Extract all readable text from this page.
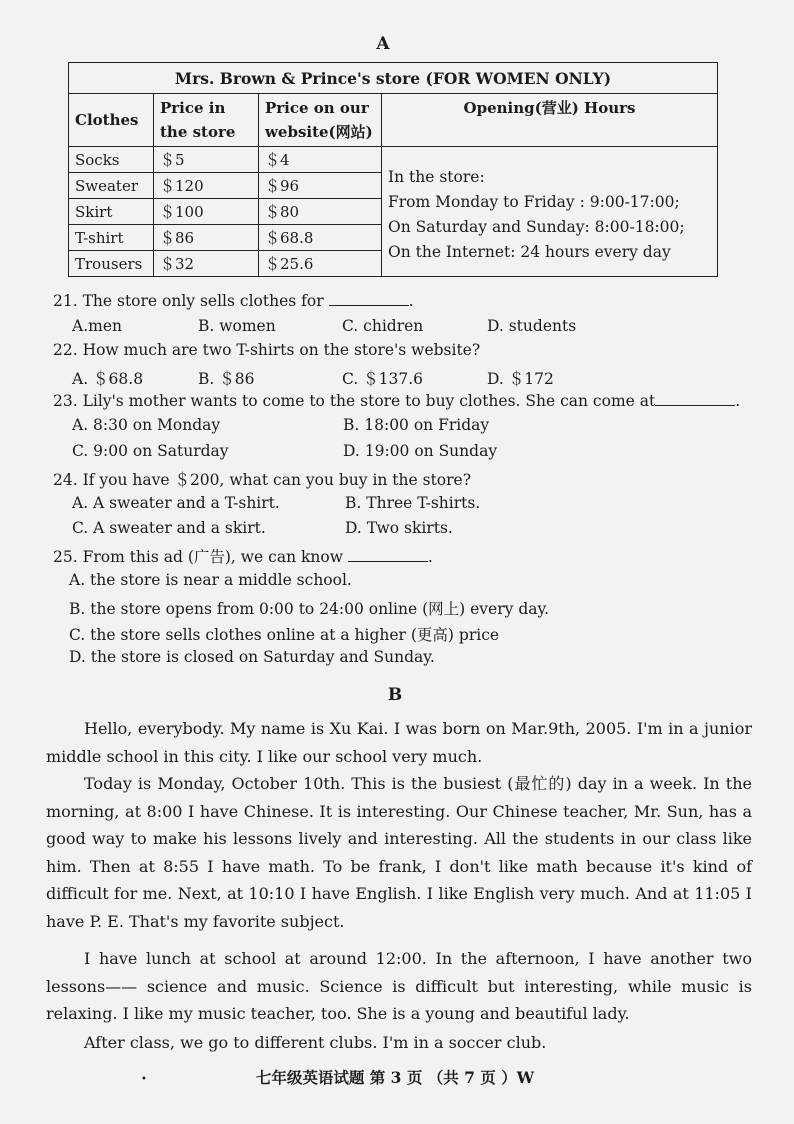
A
Mrs. Brown & Prince's store (FOR WOMEN ONLY)			
Clothes	Price in the store	Price on our website(网站)	Opening(营业) Hours
Socks	＄5	＄4	In the store:
From Monday to Friday : 9:00-17:00;
On Saturday and Sunday: 8:00-18:00;
On the Internet: 24 hours every day

Sweater	＄120	＄96	
Skirt	＄100	＄80	
T-shirt	＄86	＄68.8	
Trousers	＄32	＄25.6	
21. The store only sells clothes for	.
A.men	B. women	C. chidren	D. students
22. How much are two T-shirts on the store's website?
A. ＄68.8	B. ＄86	C. ＄137.6	D. ＄172
23. Lily's mother wants to come to the store to buy clothes. She can come at	.
A. 8:30 on Monday	B. 18:00 on Friday
C. 9:00 on Saturday	D. 19:00 on Sunday
24. If you have ＄200, what can you buy in the store?
A. A sweater and a T-shirt.	B. Three T-shirts.
C. A sweater and a skirt.	D. Two skirts.
25. From this ad (广告), we can know	.
A. the store is near a middle school.
B. the store opens from 0:00 to 24:00 online (网上) every day.
C. the store sells clothes online at a higher (更高) price
D. the store is closed on Saturday and Sunday.
B
Hello, everybody. My name is Xu Kai. I was born on Mar.9th, 2005. I'm in a junior middle school in this city. I like our school very much.
Today is Monday, October 10th. This is the busiest (最忙的) day in a week. In the morning, at 8:00 I have Chinese. It is interesting. Our Chinese teacher, Mr. Sun, has a good way to make his lessons lively and interesting. All the students in our class like him. Then at 8:55 I have math. To be frank, I don't like math because it's kind of difficult for me. Next, at 10:10 I have English. I like English very much. And at 11:05 I have P. E. That's my favorite subject.
I have lunch at school at around 12:00. In the afternoon, I have another two lessons—— science and music. Science is difficult but interesting, while music is relaxing. I like my music teacher, too. She is a young and beautiful lady.
After class, we go to different clubs. I'm in a soccer club.
•	七年级英语试题 第 3 页 （共 7 页 ）W
